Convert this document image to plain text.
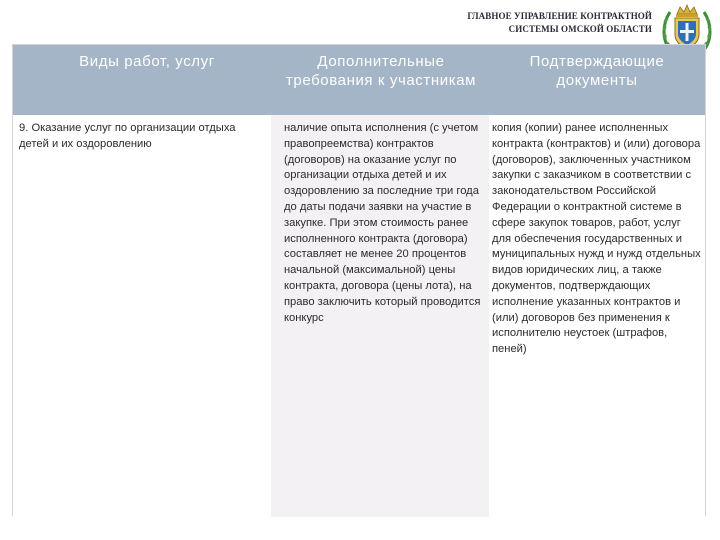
ГЛАВНОЕ УПРАВЛЕНИЕ КОНТРАКТНОЙ
СИСТЕМЫ ОМСКОЙ ОБЛАСТИ
Виды работ, услуг	Дополнительные требования к участникам
Подтверждающие документы
9. Оказание услуг по организации отдыха детей и их оздоровлению
наличие опыта исполнения (с учетом правопреемства) контрактов (договоров) на оказание услуг по организации отдыха детей и их оздоровлению за последние три года до даты подачи заявки на участие в закупке. При этом стоимость ранее исполненного контракта (договора) составляет не менее 20 процентов начальной (максимальной) цены контракта, договора (цены лота), на право заключить который проводится конкурс
копия (копии) ранее исполненных контракта (контрактов) и (или) договора (договоров), заключенных участником закупки с заказчиком в соответствии с законодательством Российской Федерации о контрактной системе в сфере закупок товаров, работ, услуг для обеспечения государственных и муниципальных нужд и нужд отдельных видов юридических лиц, а также документов, подтверждающих исполнение указанных контрактов и (или) договоров без применения к исполнителю неустоек (штрафов, пеней)
